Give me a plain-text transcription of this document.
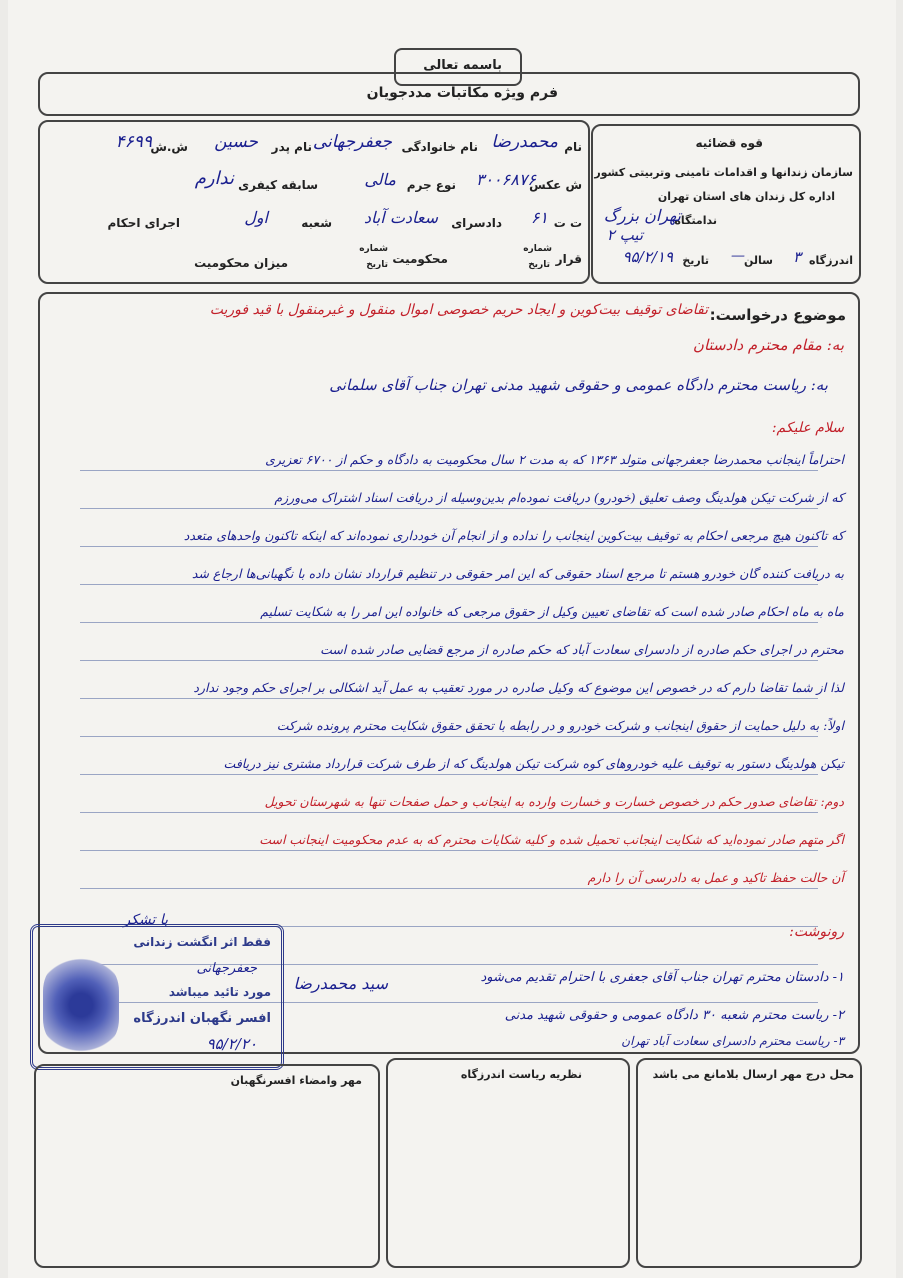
باسمه تعالی
فرم ویژه مکاتبات مددجویان
قوه قضائیه
سازمان زندانها و اقدامات تامینی وتربیتی کشور
اداره کل زندان های استان تهران
ندامتگاه
تهران بزرگ
تیپ ۲
اندرزگاه
۳
سالن
—
تاریخ
۹۵/۲/۱۹
نام
محمدرضا
نام خانوادگی
جعفرجهانی
نام پدر
حسین
ش.ش
۴۶۹۹
ش عکس
۳۰۰۶۸۷۶
نوع جرم
مالی
سابقه کیفری
ندارم
ت ت
۶۱
دادسرای
سعادت آباد
شعبه
اول
اجرای احکام
قرار
شماره
تاریخ
محکومیت
شماره
تاریخ
میزان محکومیت
موضوع درخواست:
تقاضای توقیف بیت‌کوین و ایجاد حریم خصوصی اموال منقول و غیرمنقول با قید فوریت
به: مقام محترم دادستان
به: ریاست محترم دادگاه عمومی و حقوقی شهید مدنی تهران جناب آقای سلمانی
سلام علیکم:
احتراماً اینجانب محمدرضا جعفرجهانی متولد ۱۳۶۳ که به مدت ۲ سال محکومیت به دادگاه و حکم از ۶۷۰۰ تعزیری
که از شرکت تیکن هولدینگ وصف تعلیق (خودرو) دریافت نموده‌ام بدین‌وسیله از دریافت اسناد اشتراک می‌ورزم
که تاکنون هیچ مرجعی احکام به توقیف بیت‌کوین اینجانب را نداده و از انجام آن خودداری نموده‌اند که اینکه تاکنون واحدهای متعدد
به دریافت کننده گان خودرو هستم تا مرجع اسناد حقوقی که این امر حقوقی در تنظیم قرارداد نشان داده با نگهبانی‌ها ارجاع شد
ماه به ماه احکام صادر شده است که تقاضای تعیین وکیل از حقوق مرجعی که خانواده این امر را به شکایت تسلیم
محترم در اجرای حکم صادره از دادسرای سعادت آباد که حکم صادره از مرجع قضایی صادر شده است
لذا از شما تقاضا دارم که در خصوص این موضوع که وکیل صادره در مورد تعقیب به عمل آید اشکالی بر اجرای حکم وجود ندارد
اولاً: به دلیل حمایت از حقوق اینجانب و شرکت خودرو و در رابطه با تحقق حقوق شکایت محترم پرونده شرکت
تیکن هولدینگ دستور به توقیف علیه خودروهای کوه شرکت تیکن هولدینگ که از طرف شرکت قرارداد مشتری نیز دریافت
دوم: تقاضای صدور حکم در خصوص خسارت و خسارت وارده به اینجانب و حمل صفحات تنها به شهرستان تحویل
اگر متهم صادر نموده‌اید که شکایت اینجانب تحمیل شده و کلیه شکایات محترم که به عدم محکومیت اینجانب است
آن حالت حفظ تاکید و عمل به دادرسی آن را دارم
با تشکر
رونوشت:
سید محمدرضا	۱- دادستان محترم تهران جناب آقای جعفری با احترام تقدیم می‌شود
۲- ریاست محترم شعبه ۳۰ دادگاه عمومی و حقوقی شهید مدنی
۳- ریاست محترم دادسرای سعادت آباد تهران
فقط اثر انگشت زندانی
جعفرجهانی
مورد تائید میباشد
افسر نگهبان اندرزگاه
۹۵/۲/۲۰
محل درج مهر ارسال بلامانع می باشد
نظریه ریاست اندرزگاه
مهر وامضاء افسرنگهبان
